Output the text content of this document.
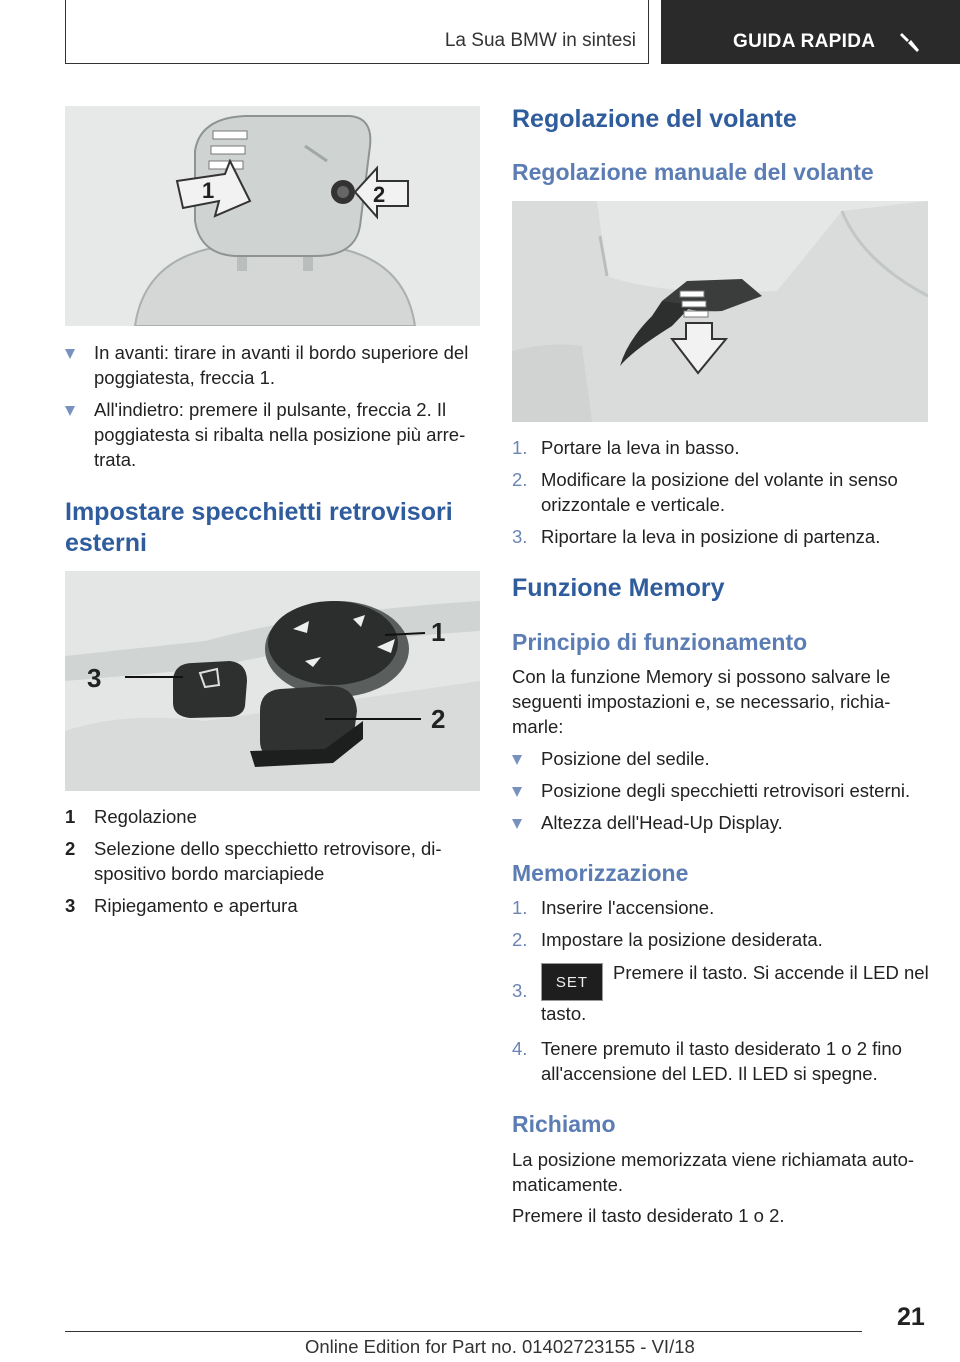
La Sua BMW in sintesi	GUIDA RAPIDA
1	2
In avanti: tirare in avanti il bordo superiore del poggiatesta, freccia 1.
All'indietro: premere il pulsante, freccia 2. Il poggiatesta si ribalta nella posizione più arre-trata.
Impostare specchietti retrovisori esterni
1
2
3
1 Regolazione
2 Selezione dello specchietto retrovisore, di-spositivo bordo marciapiede
3 Ripiegamento e apertura
Regolazione del volante
Regolazione manuale del volante
1. Portare la leva in basso.
2. Modificare la posizione del volante in senso orizzontale e verticale.
3. Riportare la leva in posizione di partenza.
Funzione Memory
Principio di funzionamento
Con la funzione Memory si possono salvare le seguenti impostazioni e, se necessario, richia-marle:
Posizione del sedile.
Posizione degli specchietti retrovisori esterni.
Altezza dell'Head-Up Display.
Memorizzazione
1. Inserire l'accensione.
2. Impostare la posizione desiderata.
3.	SET Premere il tasto. Si accende il LED nel tasto.
4. Tenere premuto il tasto desiderato 1 o 2 fino all'accensione del LED. Il LED si spegne.
Richiamo
La posizione memorizzata viene richiamata auto-maticamente.
Premere il tasto desiderato 1 o 2.
21
Online Edition for Part no. 01402723155 - VI/18
